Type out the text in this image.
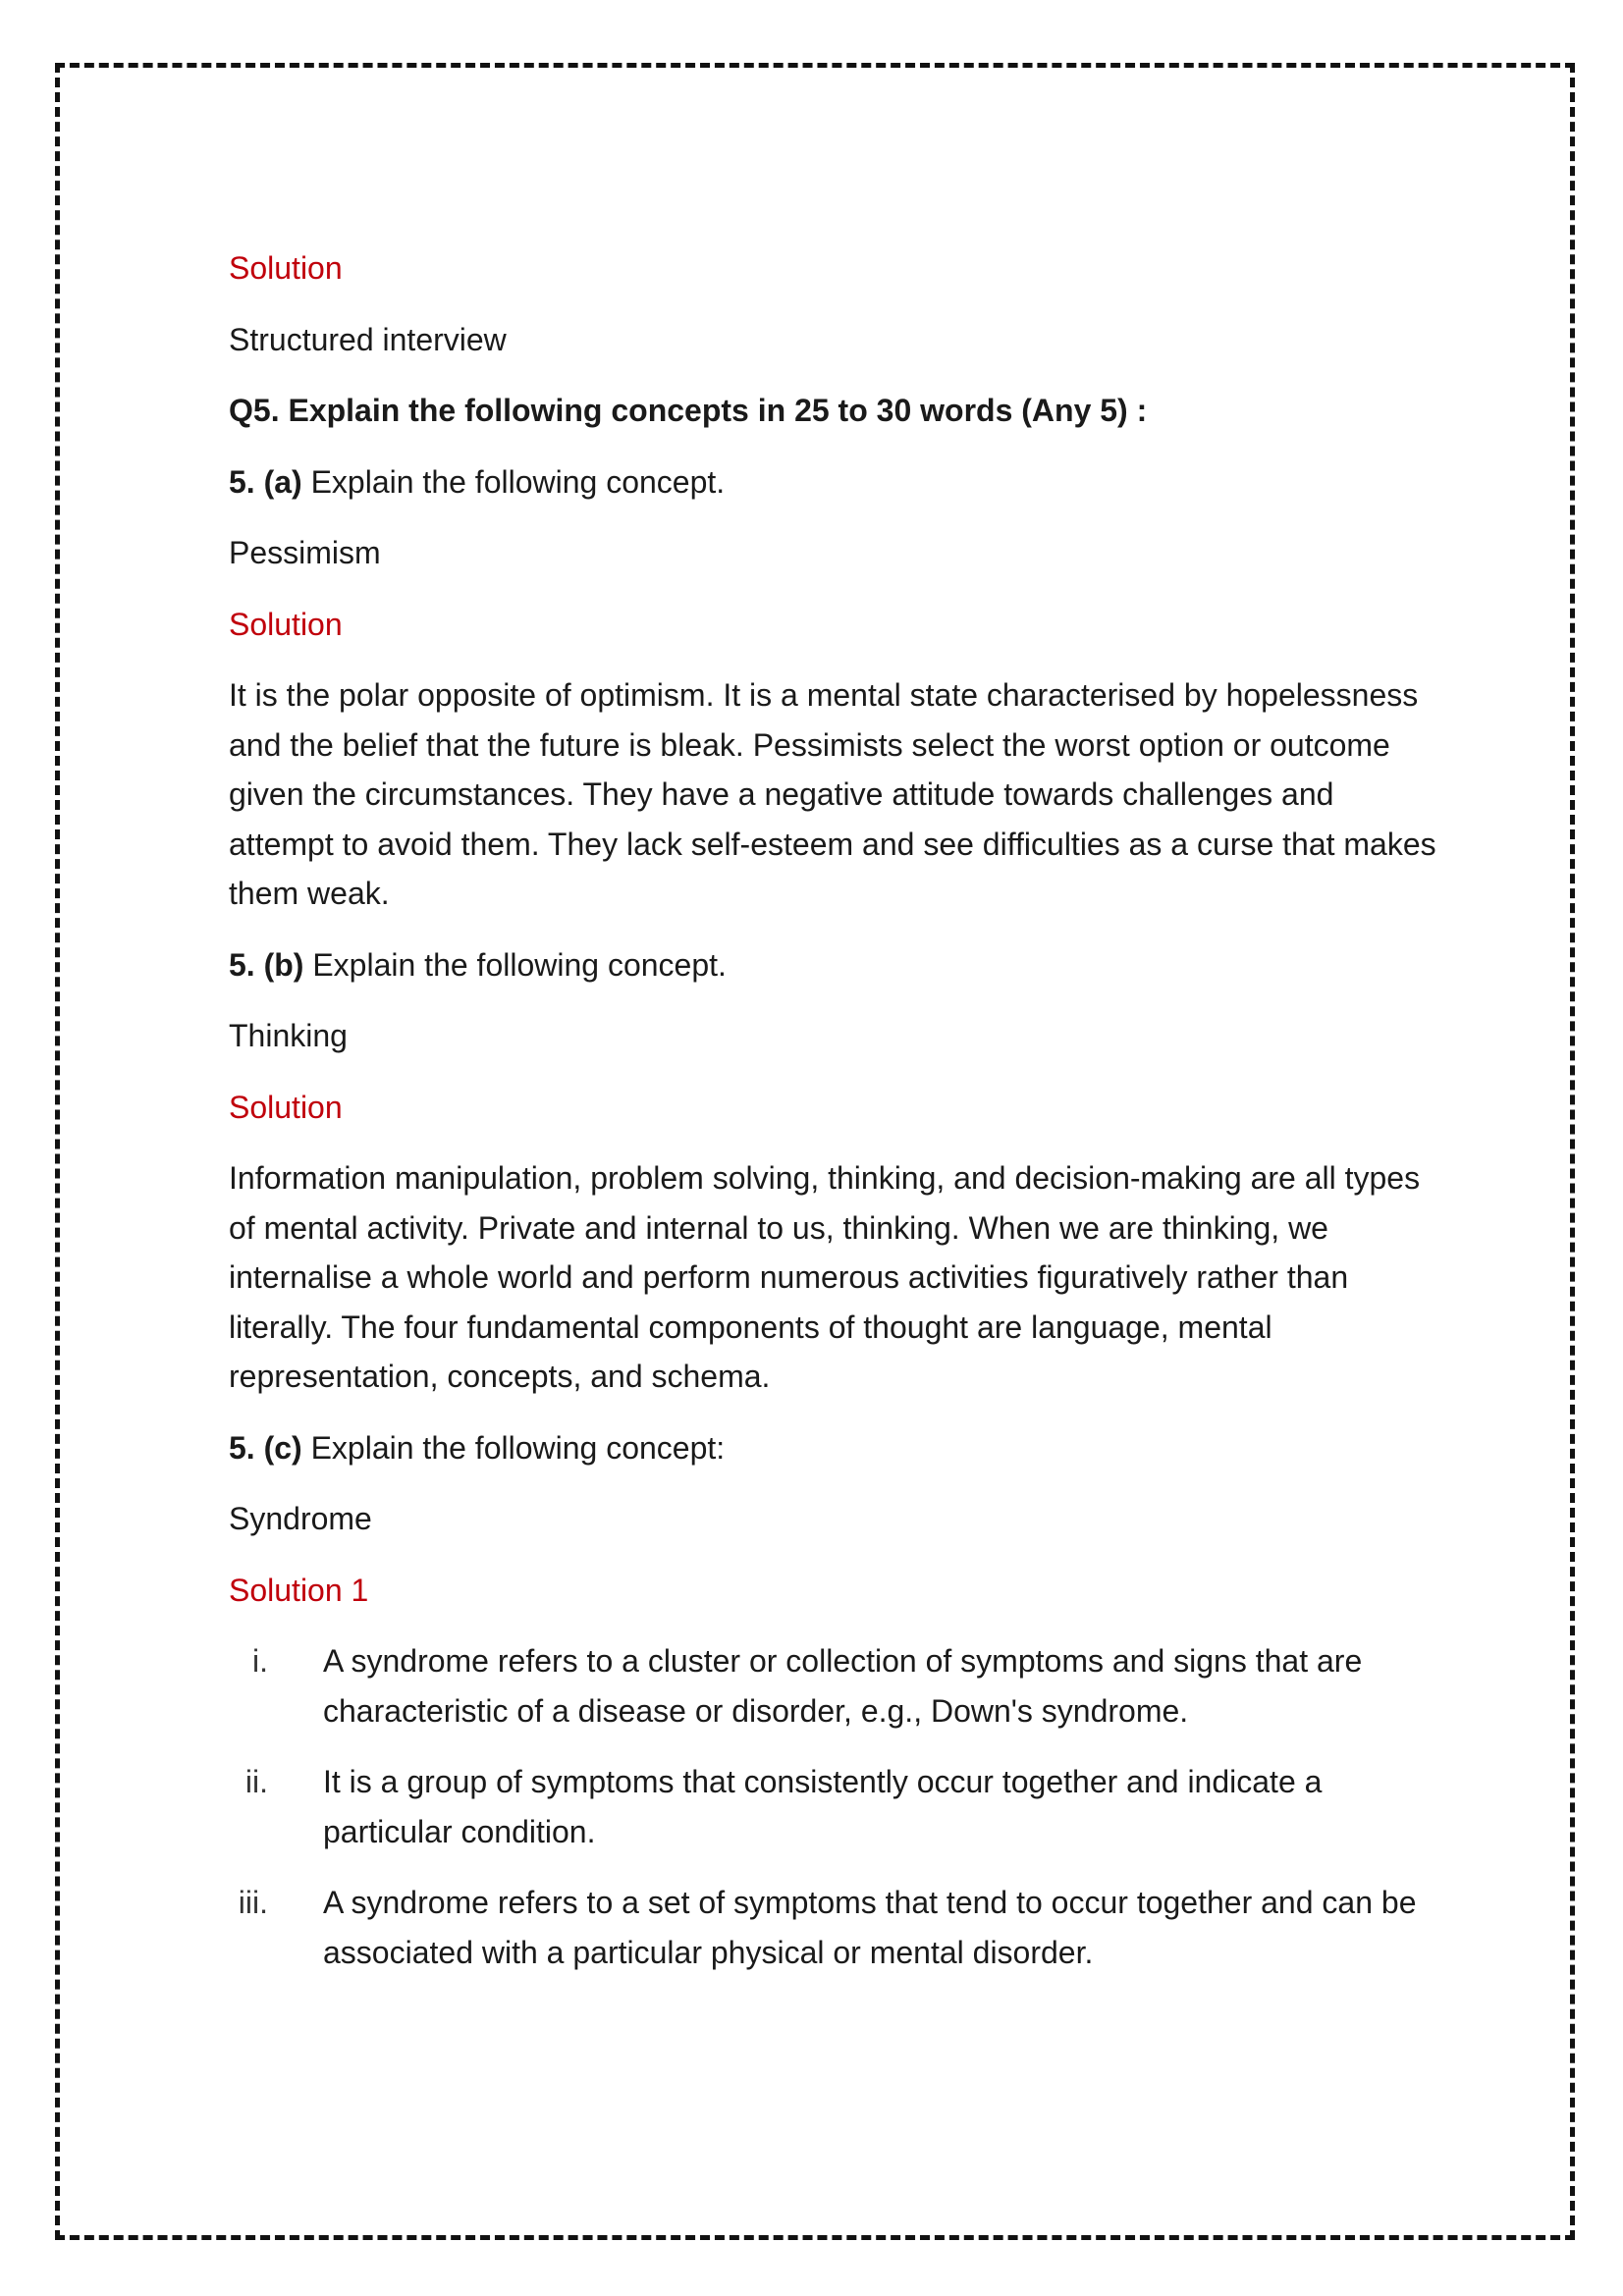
Solution

Structured interview

Q5. Explain the following concepts in 25 to 30 words (Any 5) :

5. (a) Explain the following concept.

Pessimism

Solution

It is the polar opposite of optimism. It is a mental state characterised by hopelessness and the belief that the future is bleak. Pessimists select the worst option or outcome given the circumstances. They have a negative attitude towards challenges and attempt to avoid them. They lack self-esteem and see difficulties as a curse that makes them weak.

5. (b) Explain the following concept.

Thinking

Solution

Information manipulation, problem solving, thinking, and decision-making are all types of mental activity. Private and internal to us, thinking. When we are thinking, we internalise a whole world and perform numerous activities figuratively rather than literally. The four fundamental components of thought are language, mental representation, concepts, and schema.

5. (c) Explain the following concept:

Syndrome

Solution 1

i.	A syndrome refers to a cluster or collection of symptoms and signs that are characteristic of a disease or disorder, e.g., Down's syndrome.
ii.	It is a group of symptoms that consistently occur together and indicate a particular condition.
iii.	A syndrome refers to a set of symptoms that tend to occur together and can be associated with a particular physical or mental disorder.
